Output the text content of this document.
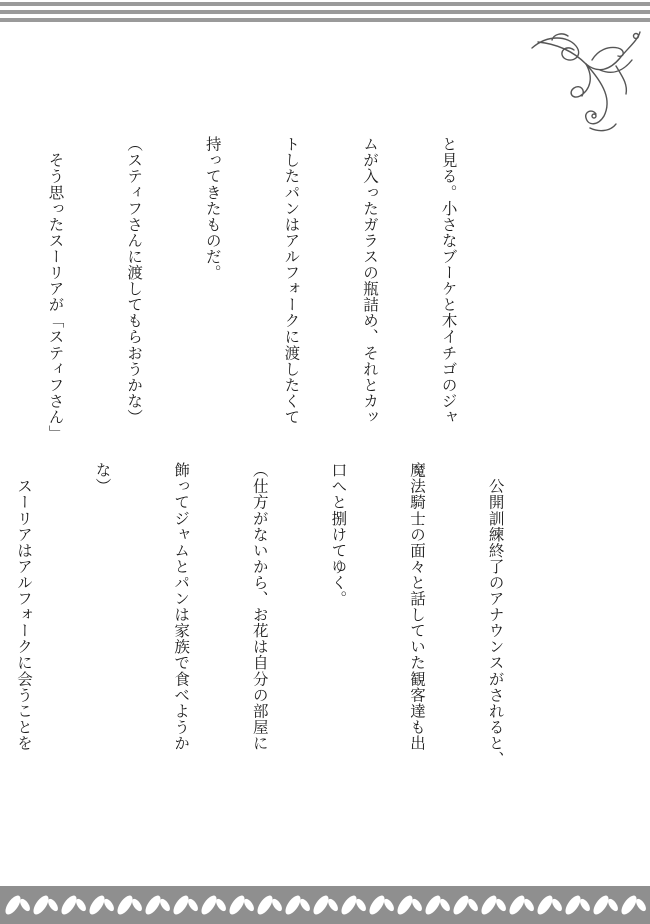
と見る。小さなブーケと木イチゴのジャ

ムが入ったガラスの瓶詰め、それとカッ

トしたパンはアルフォークに渡したくて

持ってきたものだ。

（スティフさんに渡してもらおうかな）

　そう思ったスーリアが「スティフさん」

　公開訓練終了のアナウンスがされると、

魔法騎士の面々と話していた観客達も出

口へと捌けてゆく。

（仕方がないから、お花は自分の部屋に

飾ってジャムとパンは家族で食べようか

な）

　スーリアはアルフォークに会うことを
